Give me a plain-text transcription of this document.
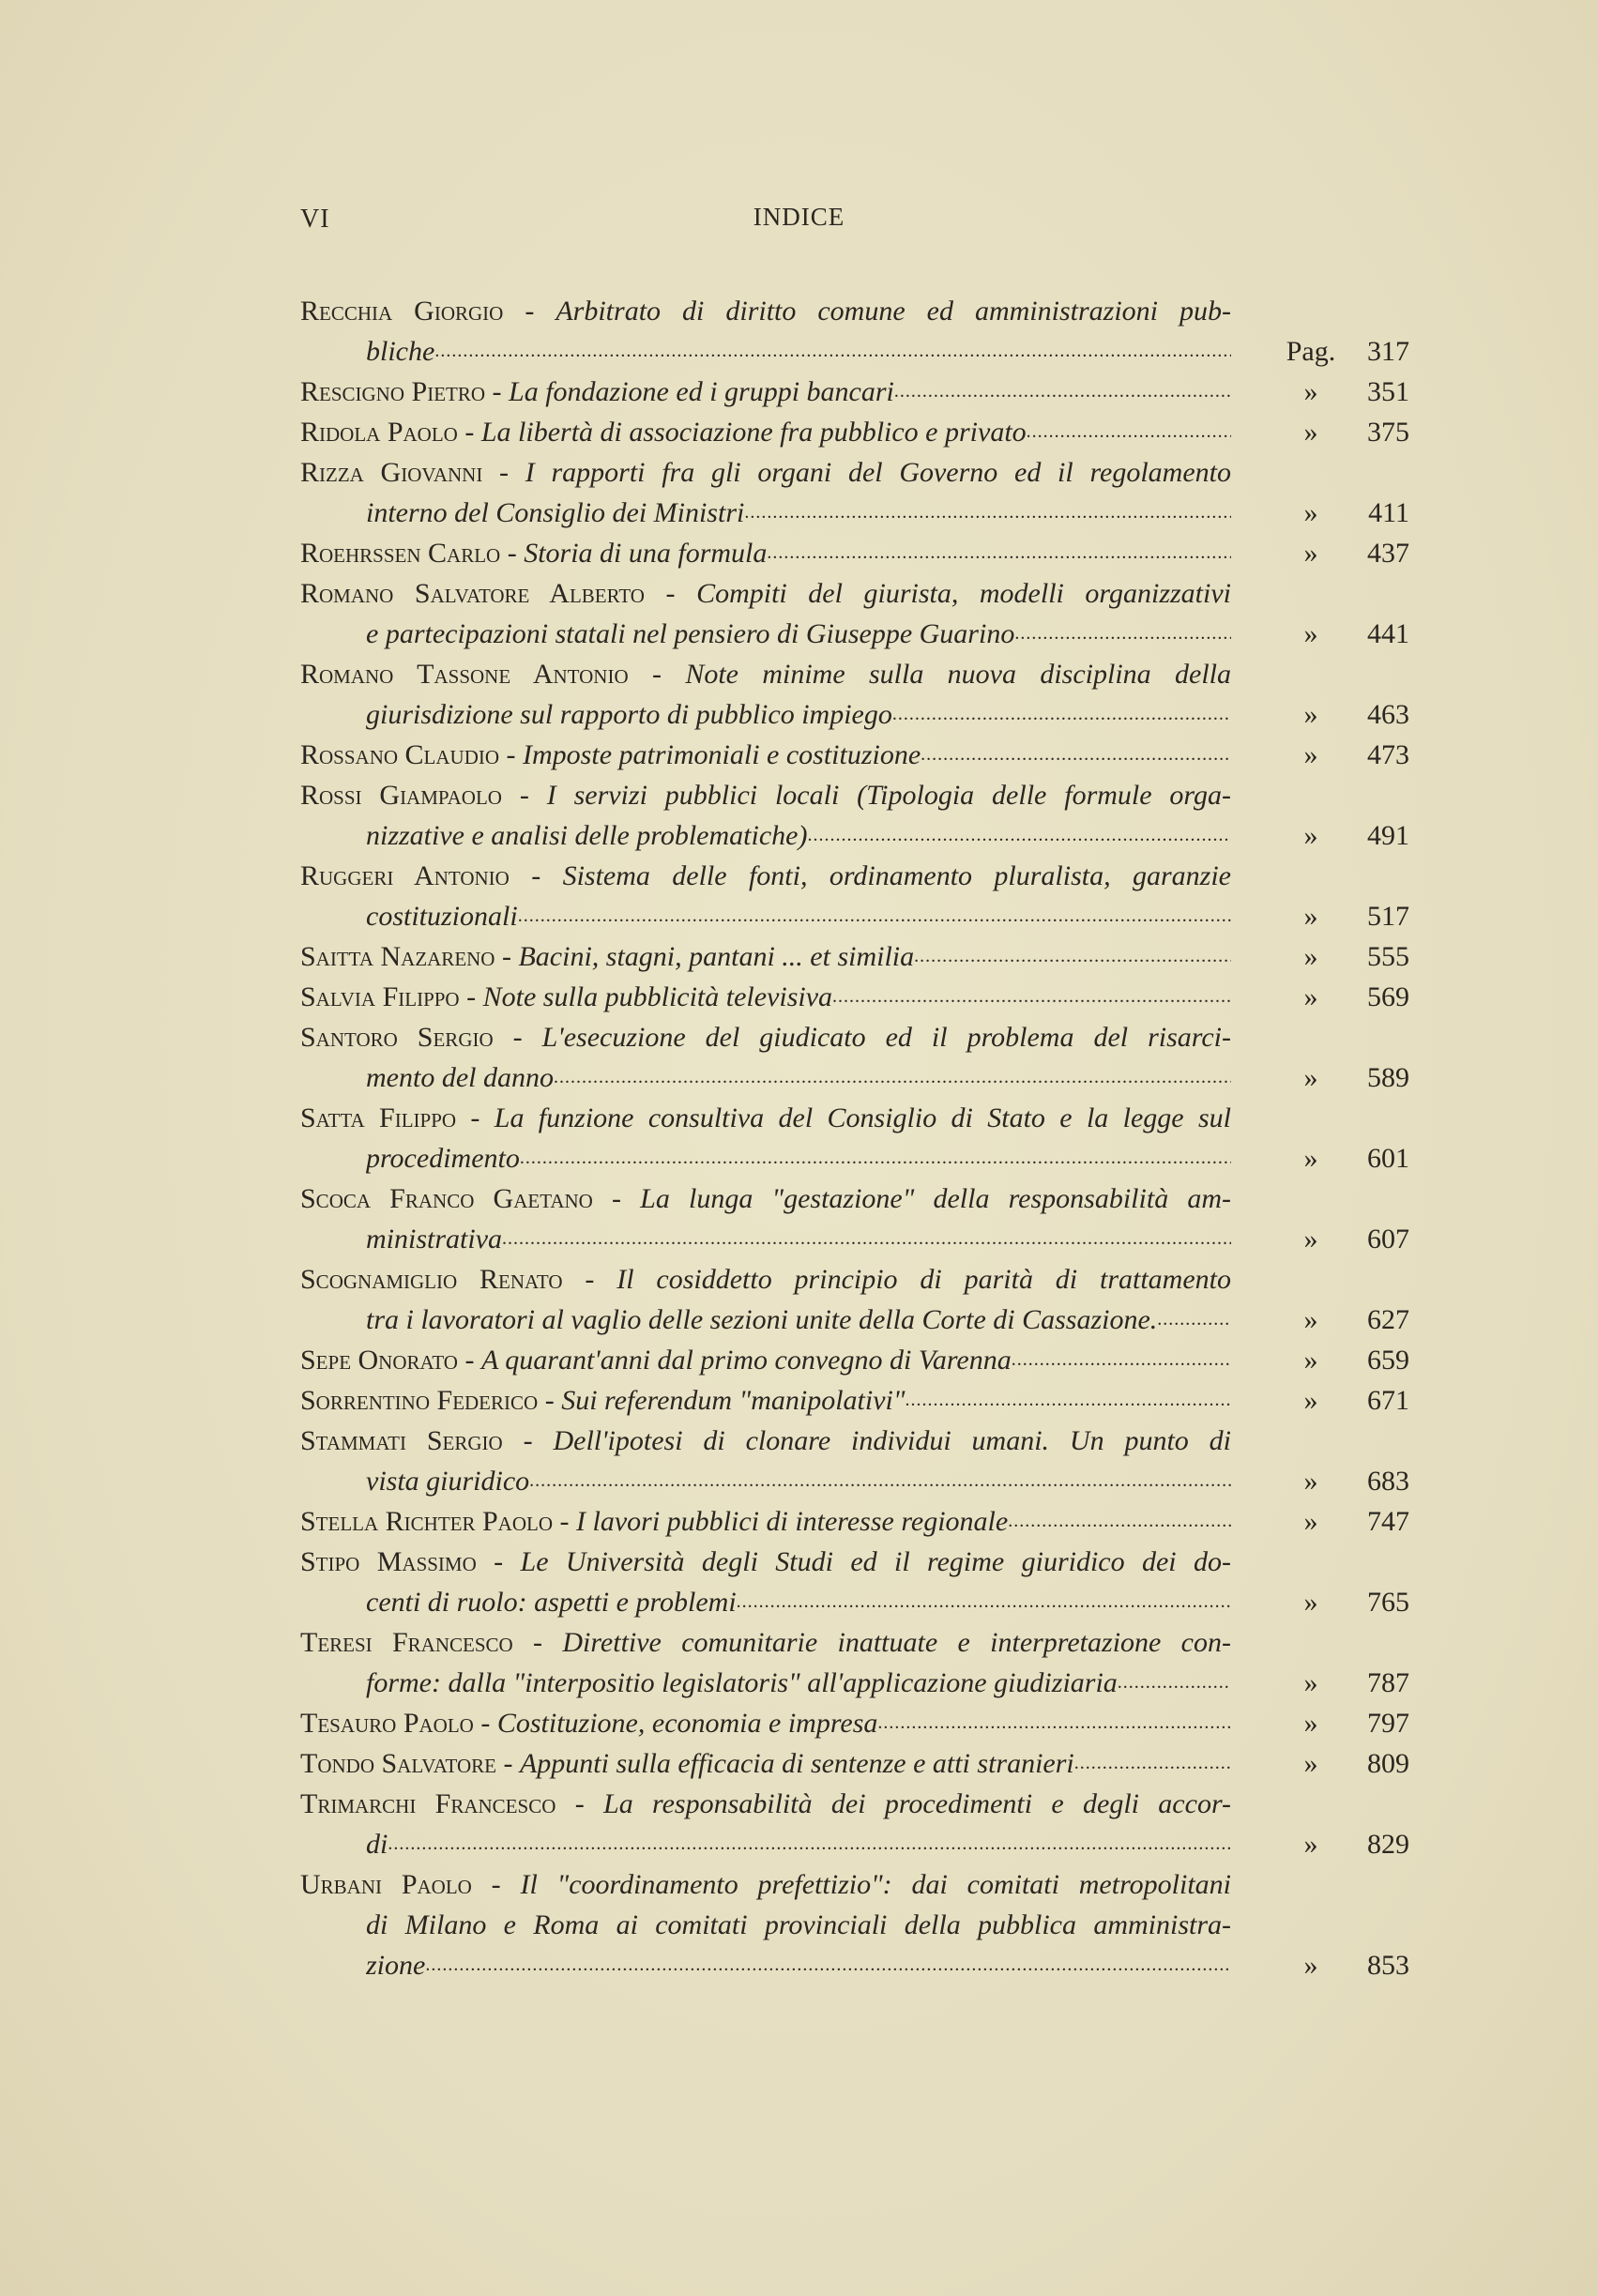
VI	INDICE
Recchia Giorgio - Arbitrato di diritto comune ed amministrazioni pub-
bliche .....	Pag.	317
Rescigno Pietro - La fondazione ed i gruppi bancari .....	»	351
Ridola Paolo - La libertà di associazione fra pubblico e privato .....	»	375
Rizza Giovanni - I rapporti fra gli organi del Governo ed il regolamento
interno del Consiglio dei Ministri .....	»	411
Roehrssen Carlo - Storia di una formula .....	»	437
Romano Salvatore Alberto - Compiti del giurista, modelli organizzativi
e partecipazioni statali nel pensiero di Giuseppe Guarino .....	»	441
Romano Tassone Antonio - Note minime sulla nuova disciplina della
giurisdizione sul rapporto di pubblico impiego .....	»	463
Rossano Claudio - Imposte patrimoniali e costituzione .....	»	473
Rossi Giampaolo - I servizi pubblici locali (Tipologia delle formule orga-
nizzative e analisi delle problematiche) .....	»	491
Ruggeri Antonio - Sistema delle fonti, ordinamento pluralista, garanzie
costituzionali .....	»	517
Saitta Nazareno - Bacini, stagni, pantani ... et similia .....	»	555
Salvia Filippo - Note sulla pubblicità televisiva .....	»	569
Santoro Sergio - L'esecuzione del giudicato ed il problema del risarci-
mento del danno .....	»	589
Satta Filippo - La funzione consultiva del Consiglio di Stato e la legge sul
procedimento .....	»	601
Scoca Franco Gaetano - La lunga "gestazione" della responsabilità am-
ministrativa .....	»	607
Scognamiglio Renato - Il cosiddetto principio di parità di trattamento
tra i lavoratori al vaglio delle sezioni unite della Corte di Cassazione. .....	»	627
Sepe Onorato - A quarant'anni dal primo convegno di Varenna .....	»	659
Sorrentino Federico - Sui referendum "manipolativi" .....	»	671
Stammati Sergio - Dell'ipotesi di clonare individui umani. Un punto di
vista giuridico .....	»	683
Stella Richter Paolo - I lavori pubblici di interesse regionale .....	»	747
Stipo Massimo - Le Università degli Studi ed il regime giuridico dei do-
centi di ruolo: aspetti e problemi .....	»	765
Teresi Francesco - Direttive comunitarie inattuate e interpretazione con-
forme: dalla "interpositio legislatoris" all'applicazione giudiziaria .....	»	787
Tesauro Paolo - Costituzione, economia e impresa .....	»	797
Tondo Salvatore - Appunti sulla efficacia di sentenze e atti stranieri .....	»	809
Trimarchi Francesco - La responsabilità dei procedimenti e degli accor-
di .....	»	829
Urbani Paolo - Il "coordinamento prefettizio": dai comitati metropolitani
di Milano e Roma ai comitati provinciali della pubblica amministra-
zione .....	»	853
